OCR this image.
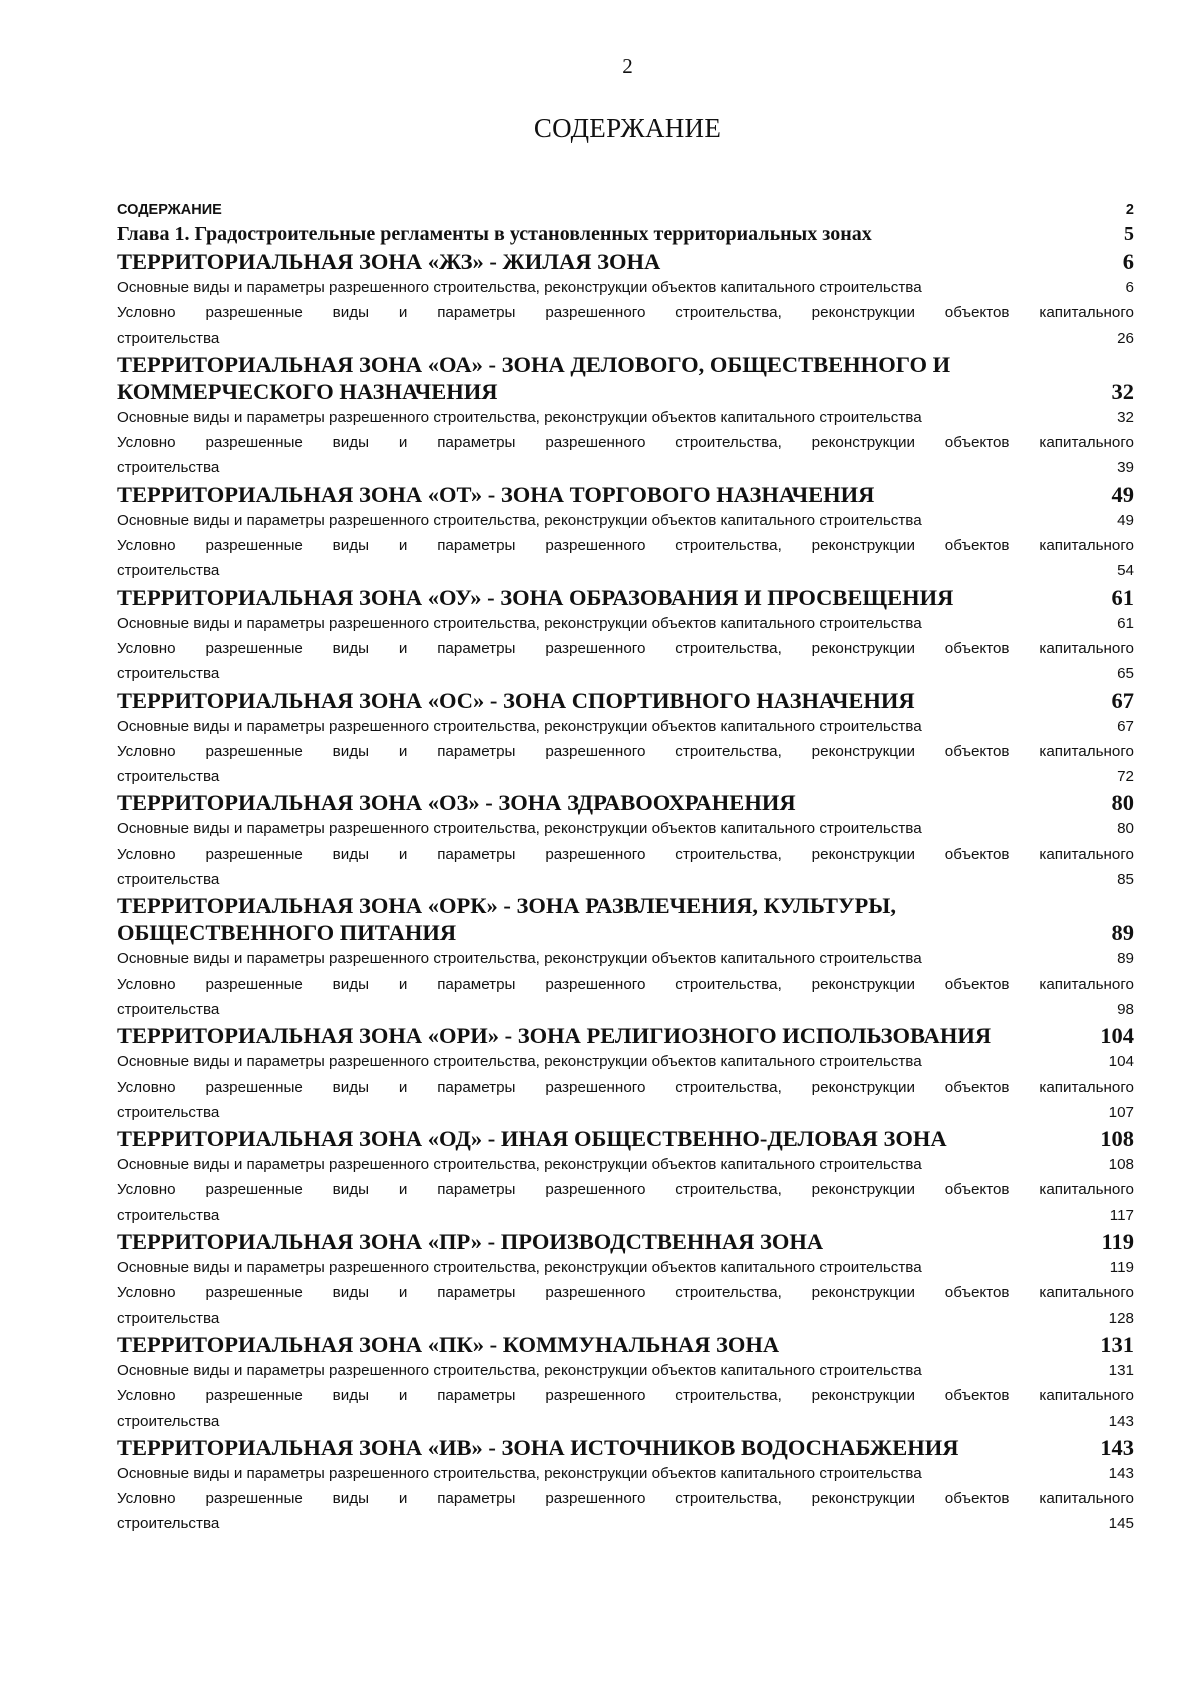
2
СОДЕРЖАНИЕ
СОДЕРЖАНИЕ	2
Глава 1. Градостроительные регламенты в установленных территориальных зонах	5
ТЕРРИТОРИАЛЬНАЯ ЗОНА «ЖЗ» - ЖИЛАЯ ЗОНА	6
Основные виды и параметры разрешенного строительства, реконструкции объектов капитального строительства	6
Условно разрешенные виды и параметры разрешенного строительства, реконструкции объектов капитального
строительства	26
ТЕРРИТОРИАЛЬНАЯ ЗОНА «ОА» - ЗОНА ДЕЛОВОГО, ОБЩЕСТВЕННОГО И
КОММЕРЧЕСКОГО НАЗНАЧЕНИЯ	32
Основные виды и параметры разрешенного строительства, реконструкции объектов капитального строительства	32
Условно разрешенные виды и параметры разрешенного строительства, реконструкции объектов капитального
строительства	39
ТЕРРИТОРИАЛЬНАЯ ЗОНА «ОТ» - ЗОНА ТОРГОВОГО НАЗНАЧЕНИЯ	49
Основные виды и параметры разрешенного строительства, реконструкции объектов капитального строительства	49
Условно разрешенные виды и параметры разрешенного строительства, реконструкции объектов капитального
строительства	54
ТЕРРИТОРИАЛЬНАЯ ЗОНА «ОУ» - ЗОНА ОБРАЗОВАНИЯ И ПРОСВЕЩЕНИЯ	61
Основные виды и параметры разрешенного строительства, реконструкции объектов капитального строительства	61
Условно разрешенные виды и параметры разрешенного строительства, реконструкции объектов капитального
строительства	65
ТЕРРИТОРИАЛЬНАЯ ЗОНА «ОС» - ЗОНА СПОРТИВНОГО НАЗНАЧЕНИЯ	67
Основные виды и параметры разрешенного строительства, реконструкции объектов капитального строительства	67
Условно разрешенные виды и параметры разрешенного строительства, реконструкции объектов капитального
строительства	72
ТЕРРИТОРИАЛЬНАЯ ЗОНА «ОЗ» - ЗОНА ЗДРАВООХРАНЕНИЯ	80
Основные виды и параметры разрешенного строительства, реконструкции объектов капитального строительства	80
Условно разрешенные виды и параметры разрешенного строительства, реконструкции объектов капитального
строительства	85
ТЕРРИТОРИАЛЬНАЯ ЗОНА «ОРК» - ЗОНА РАЗВЛЕЧЕНИЯ, КУЛЬТУРЫ,
ОБЩЕСТВЕННОГО ПИТАНИЯ	89
Основные виды и параметры разрешенного строительства, реконструкции объектов капитального строительства	89
Условно разрешенные виды и параметры разрешенного строительства, реконструкции объектов капитального
строительства	98
ТЕРРИТОРИАЛЬНАЯ ЗОНА «ОРИ» - ЗОНА РЕЛИГИОЗНОГО ИСПОЛЬЗОВАНИЯ	104
Основные виды и параметры разрешенного строительства, реконструкции объектов капитального строительства	104
Условно разрешенные виды и параметры разрешенного строительства, реконструкции объектов капитального
строительства	107
ТЕРРИТОРИАЛЬНАЯ ЗОНА «ОД» - ИНАЯ ОБЩЕСТВЕННО-ДЕЛОВАЯ ЗОНА	108
Основные виды и параметры разрешенного строительства, реконструкции объектов капитального строительства	108
Условно разрешенные виды и параметры разрешенного строительства, реконструкции объектов капитального
строительства	117
ТЕРРИТОРИАЛЬНАЯ ЗОНА «ПР» - ПРОИЗВОДСТВЕННАЯ ЗОНА	119
Основные виды и параметры разрешенного строительства, реконструкции объектов капитального строительства	119
Условно разрешенные виды и параметры разрешенного строительства, реконструкции объектов капитального
строительства	128
ТЕРРИТОРИАЛЬНАЯ ЗОНА «ПК» - КОММУНАЛЬНАЯ ЗОНА	131
Основные виды и параметры разрешенного строительства, реконструкции объектов капитального строительства	131
Условно разрешенные виды и параметры разрешенного строительства, реконструкции объектов капитального
строительства	143
ТЕРРИТОРИАЛЬНАЯ ЗОНА «ИВ» - ЗОНА ИСТОЧНИКОВ ВОДОСНАБЖЕНИЯ	143
Основные виды и параметры разрешенного строительства, реконструкции объектов капитального строительства	143
Условно разрешенные виды и параметры разрешенного строительства, реконструкции объектов капитального
строительства	145
